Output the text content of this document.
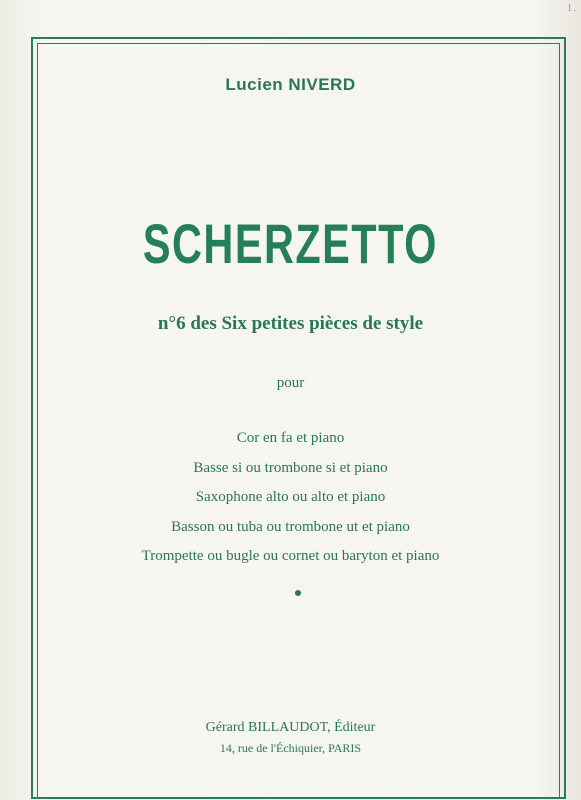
1.
Lucien NIVERD
SCHERZETTO
n°6 des Six petites pièces de style
pour
Cor en fa et piano
Basse si ou trombone si et piano
Saxophone alto ou alto et piano
Basson ou tuba ou trombone ut et piano
Trompette ou bugle ou cornet ou baryton et piano
Gérard BILLAUDOT, Éditeur
14, rue de l'Échiquier, PARIS
